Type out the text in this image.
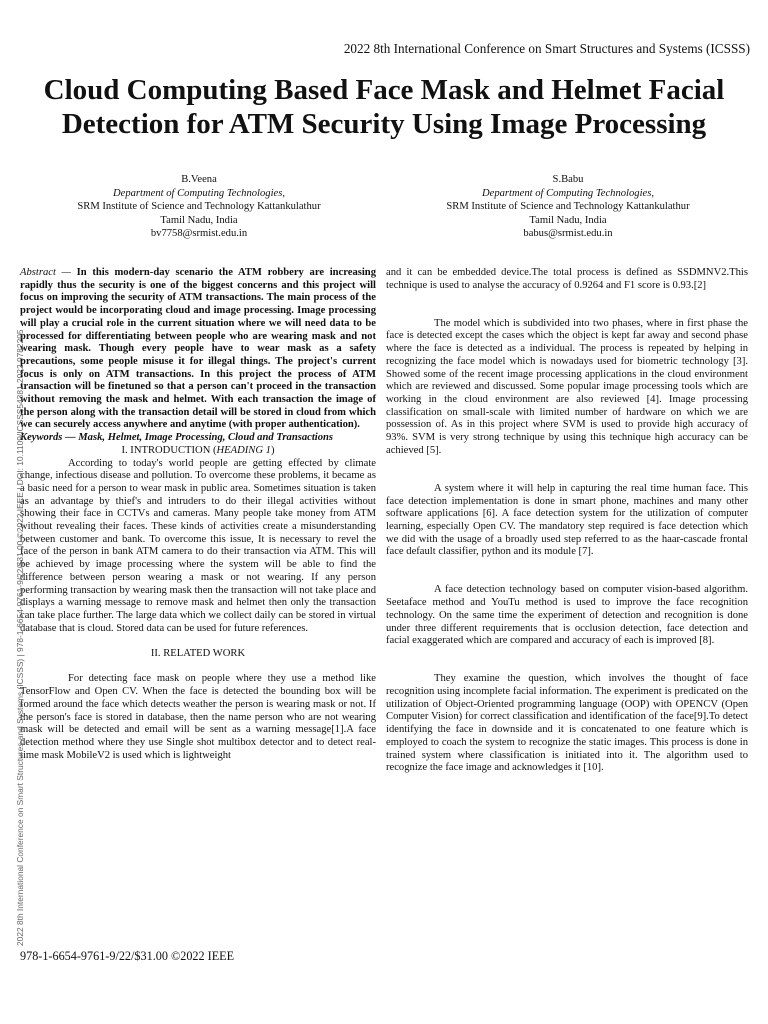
2022 8th International Conference on Smart Structures and Systems (ICSSS)
Cloud Computing Based Face Mask and Helmet Facial
Detection for ATM Security Using Image Processing
B.Veena
Department of Computing Technologies,
SRM Institute of Science and Technology Kattankulathur
Tamil Nadu, India
bv7758@srmist.edu.in
S.Babu
Department of Computing Technologies,
SRM Institute of Science and Technology Kattankulathur
Tamil Nadu, India
babus@srmist.edu.in

Abstract — In this modern-day scenario the ATM robbery are increasing rapidly thus the security is one of the biggest concerns and this project will focus on improving the security of ATM transactions. The main process of the project would be incorporating cloud and image processing. Image processing will play a crucial role in the current situation where we will need data to be processed for differentiating between people who are wearing mask and not wearing mask. Though every people have to wear mask as a safety precautions, some people misuse it for illegal things. The project's current focus is only on ATM transactions. In this project the process of ATM transaction will be finetuned so that a person can't proceed in the transaction without removing the mask and helmet. With each transaction the image of the person along with the transaction detail will be stored in cloud from which we can securely access anywhere and anytime (with proper authentication).

Keywords — Mask, Helmet, Image Processing, Cloud and Transactions

I. INTRODUCTION (HEADING 1)

According to today's world people are getting effected by climate change, infectious disease and pollution. To overcome these problems, it became as a basic need for a person to wear mask in public area. Sometimes situation is taken as an advantage by thief's and intruders to do their illegal activities without showing their face in CCTVs and cameras. Many people take money from ATM without revealing their faces. These kinds of activities create a misunderstanding between customer and bank. To overcome this issue, It is necessary to revel the face of the person in bank ATM camera to do their transaction via ATM. This will be achieved by image processing where the system will be able to find the difference between person wearing a mask or not wearing. If any person performing transaction by wearing mask then the transaction will not take place and displays a warning message to remove mask and helmet then only the transaction can take place further. The large data which we collect daily can be stored in virtual database that is cloud. Stored data can be used for future references.

II. RELATED WORK

For detecting face mask on people where they use a method like TensorFlow and Open CV. When the face is detected the bounding box will be formed around the face which detects weather the person is wearing mask or not. If the person's face is stored in database, then the name person who are not wearing mask will be detected and email will be sent as a warning message[1].A face detection method where they use Single shot multibox detector and to detect real-time mask MobileV2 is used which is lightweight

and it can be embedded device.The total process is defined as SSDMNV2.This technique is used to analyse the accuracy of 0.9264 and F1 score is 0.93.[2]

The model which is subdivided into two phases, where in first phase the face is detected except the cases which the object is kept far away and second phase where the face is detected as a individual. The process is repeated by helping in recognizing the face model which is nowadays used for biometric technology [3]. Showed some of the recent image processing applications in the cloud environment which are reviewed and discussed. Some popular image processing tools which are working in the cloud environment are also reviewed [4]. Image processing classification on small-scale with limited number of hardware on which we are possession of. As in this project where SVM is used to provide high accuracy of 93%. SVM is very strong technique by using this technique high accuracy can be achieved [5].

A system where it will help in capturing the real time human face. This face detection implementation is done in smart phone, machines and many other software applications [6]. A face detection system for the utilization of computer learning, especially Open CV. The mandatory step required is face detection which we did with the usage of a broadly used step referred to as the haar-cascade frontal face default classifier, python and its module [7].

A face detection technology based on computer vision-based algorithm. Seetaface method and YouTu method is used to improve the face recognition technology. On the same time the experiment of detection and recognition is done under three different requirements that is occlusion detection, face detection and facial exaggerated which are compared and accuracy of each is improved [8].

They examine the question, which involves the thought of face recognition using incomplete facial information. The experiment is predicated on the utilization of Object-Oriented programming language (OOP) with OPENCV (Open Computer Vision) for correct classification and identification of the face[9].To detect identifying the face in downside and it is concatenated to one feature which is employed to coach the system to recognize the static images. This process is done in trained system where classification is initiated into it. The algorithm used to recognize the face image and acknowledges it [10].

978-1-6654-9761-9/22/$31.00 ©2022 IEEE
2022 8th International Conference on Smart Structures and Systems (ICSSS) | 978-1-6654-9761-9/22/$31.00 ©2022 IEEE | DOI: 10.1109/ICSSS54381.2022.9782205
